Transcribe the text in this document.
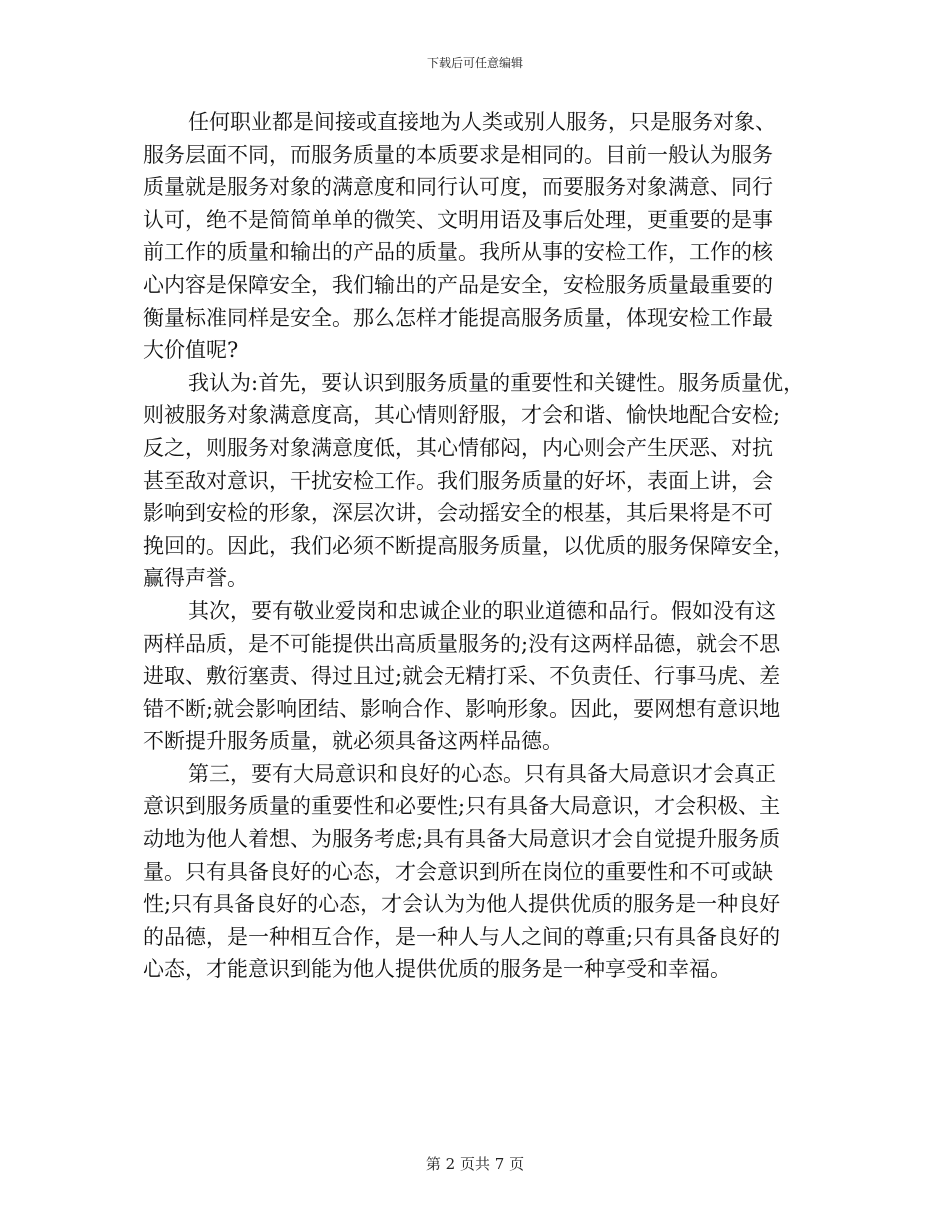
下载后可任意编辑
任何职业都是间接或直接地为人类或别人服务，只是服务对象、
服务层面不同，而服务质量的本质要求是相同的。目前一般认为服务
质量就是服务对象的满意度和同行认可度，而要服务对象满意、同行
认可，绝不是简简单单的微笑、文明用语及事后处理，更重要的是事
前工作的质量和输出的产品的质量。我所从事的安检工作，工作的核
心内容是保障安全，我们输出的产品是安全，安检服务质量最重要的
衡量标准同样是安全。那么怎样才能提高服务质量，体现安检工作最
大价值呢?
我认为:首先，要认识到服务质量的重要性和关键性。服务质量优，
则被服务对象满意度高，其心情则舒服，才会和谐、愉快地配合安检;
反之，则服务对象满意度低，其心情郁闷，内心则会产生厌恶、对抗
甚至敌对意识，干扰安检工作。我们服务质量的好坏，表面上讲，会
影响到安检的形象，深层次讲，会动摇安全的根基，其后果将是不可
挽回的。因此，我们必须不断提高服务质量，以优质的服务保障安全，
赢得声誉。
其次，要有敬业爱岗和忠诚企业的职业道德和品行。假如没有这
两样品质，是不可能提供出高质量服务的;没有这两样品德，就会不思
进取、敷衍塞责、得过且过;就会无精打采、不负责任、行事马虎、差
错不断;就会影响团结、影响合作、影响形象。因此，要网想有意识地
不断提升服务质量，就必须具备这两样品德。
第三，要有大局意识和良好的心态。只有具备大局意识才会真正
意识到服务质量的重要性和必要性;只有具备大局意识，才会积极、主
动地为他人着想、为服务考虑;具有具备大局意识才会自觉提升服务质
量。只有具备良好的心态，才会意识到所在岗位的重要性和不可或缺
性;只有具备良好的心态，才会认为为他人提供优质的服务是一种良好
的品德，是一种相互合作，是一种人与人之间的尊重;只有具备良好的
心态，才能意识到能为他人提供优质的服务是一种享受和幸福。
第 2 页共 7 页
